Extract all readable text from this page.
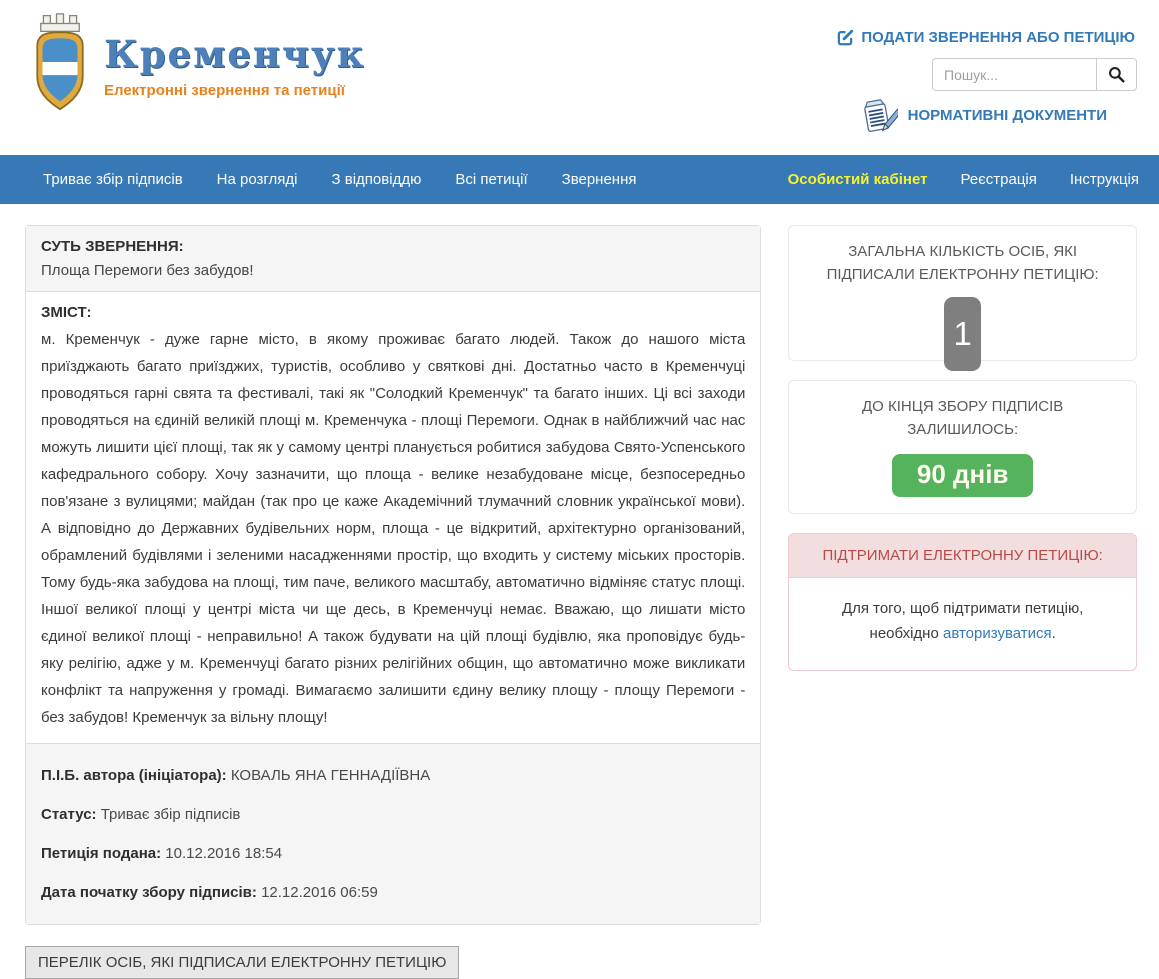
Кременчук
Електронні звернення та петиції
ПОДАТИ ЗВЕРНЕННЯ АБО ПЕТИЦІЮ
Пошук...
НОРМАТИВНІ ДОКУМЕНТИ
Триває збір підписів На розгляді З відповіддю Всі петиції Звернення	Особистий кабінет Реєстрація Інструкція
СУТЬ ЗВЕРНЕННЯ:
Площа Перемоги без забудов!
ЗМІСТ:

м. Кременчук - дуже гарне місто, в якому проживає багато людей. Також до нашого міста приїзджають багато приїзджих, туристів, особливо у святкові дні. Достатньо часто в Кременчуці проводяться гарні свята та фестивалі, такі як "Солодкий Кременчук" та багато інших. Ці всі заходи проводяться на єдиній великій площі м. Кременчука - площі Перемоги. Однак в найближчий час нас можуть лишити цієї площі, так як у самому центрі планується робитися забудова Свято-Успенського кафедрального собору. Хочу зазначити, що площа - велике незабудоване місце, безпосередньо пов'язане з вулицями; майдан (так про це каже Академічний тлумачний словник української мови). А відповідно до Державних будівельних норм, площа - це відкритий, архітектурно організований, обрамлений будівлями і зеленими насадженнями простір, що входить у систему міських просторів. Тому будь-яка забудова на площі, тим паче, великого масштабу, автоматично відміняє статус площі. Іншої великої площі у центрі міста чи ще десь, в Кременчуці немає. Вважаю, що лишати місто єдиної великої площі - неправильно! А також будувати на цій площі будівлю, яка проповідує будь-яку релігію, адже у м. Кременчуці багато різних релігійних общин, що автоматично може викликати конфлікт та напруження у громаді. Вимагаємо залишити єдину велику площу - площу Перемоги - без забудов! Кременчук за вільну площу!

П.І.Б. автора (ініціатора): КОВАЛЬ ЯНА ГЕННАДІЇВНА

Статус: Триває збір підписів

Петиція подана: 10.12.2016 18:54

Дата початку збору підписів: 12.12.2016 06:59

ПЕРЕЛІК ОСІБ, ЯКІ ПІДПИСАЛИ ЕЛЕКТРОННУ ПЕТИЦІЮ
ЗАГАЛЬНА КІЛЬКІСТЬ ОСІБ, ЯКІ ПІДПИСАЛИ ЕЛЕКТРОННУ ПЕТИЦІЮ:
1
ДО КІНЦЯ ЗБОРУ ПІДПИСІВ ЗАЛИШИЛОСЬ:
90 днів
ПІДТРИМАТИ ЕЛЕКТРОННУ ПЕТИЦІЮ:
Для того, щоб підтримати петицію, необхідно авторизуватися.
